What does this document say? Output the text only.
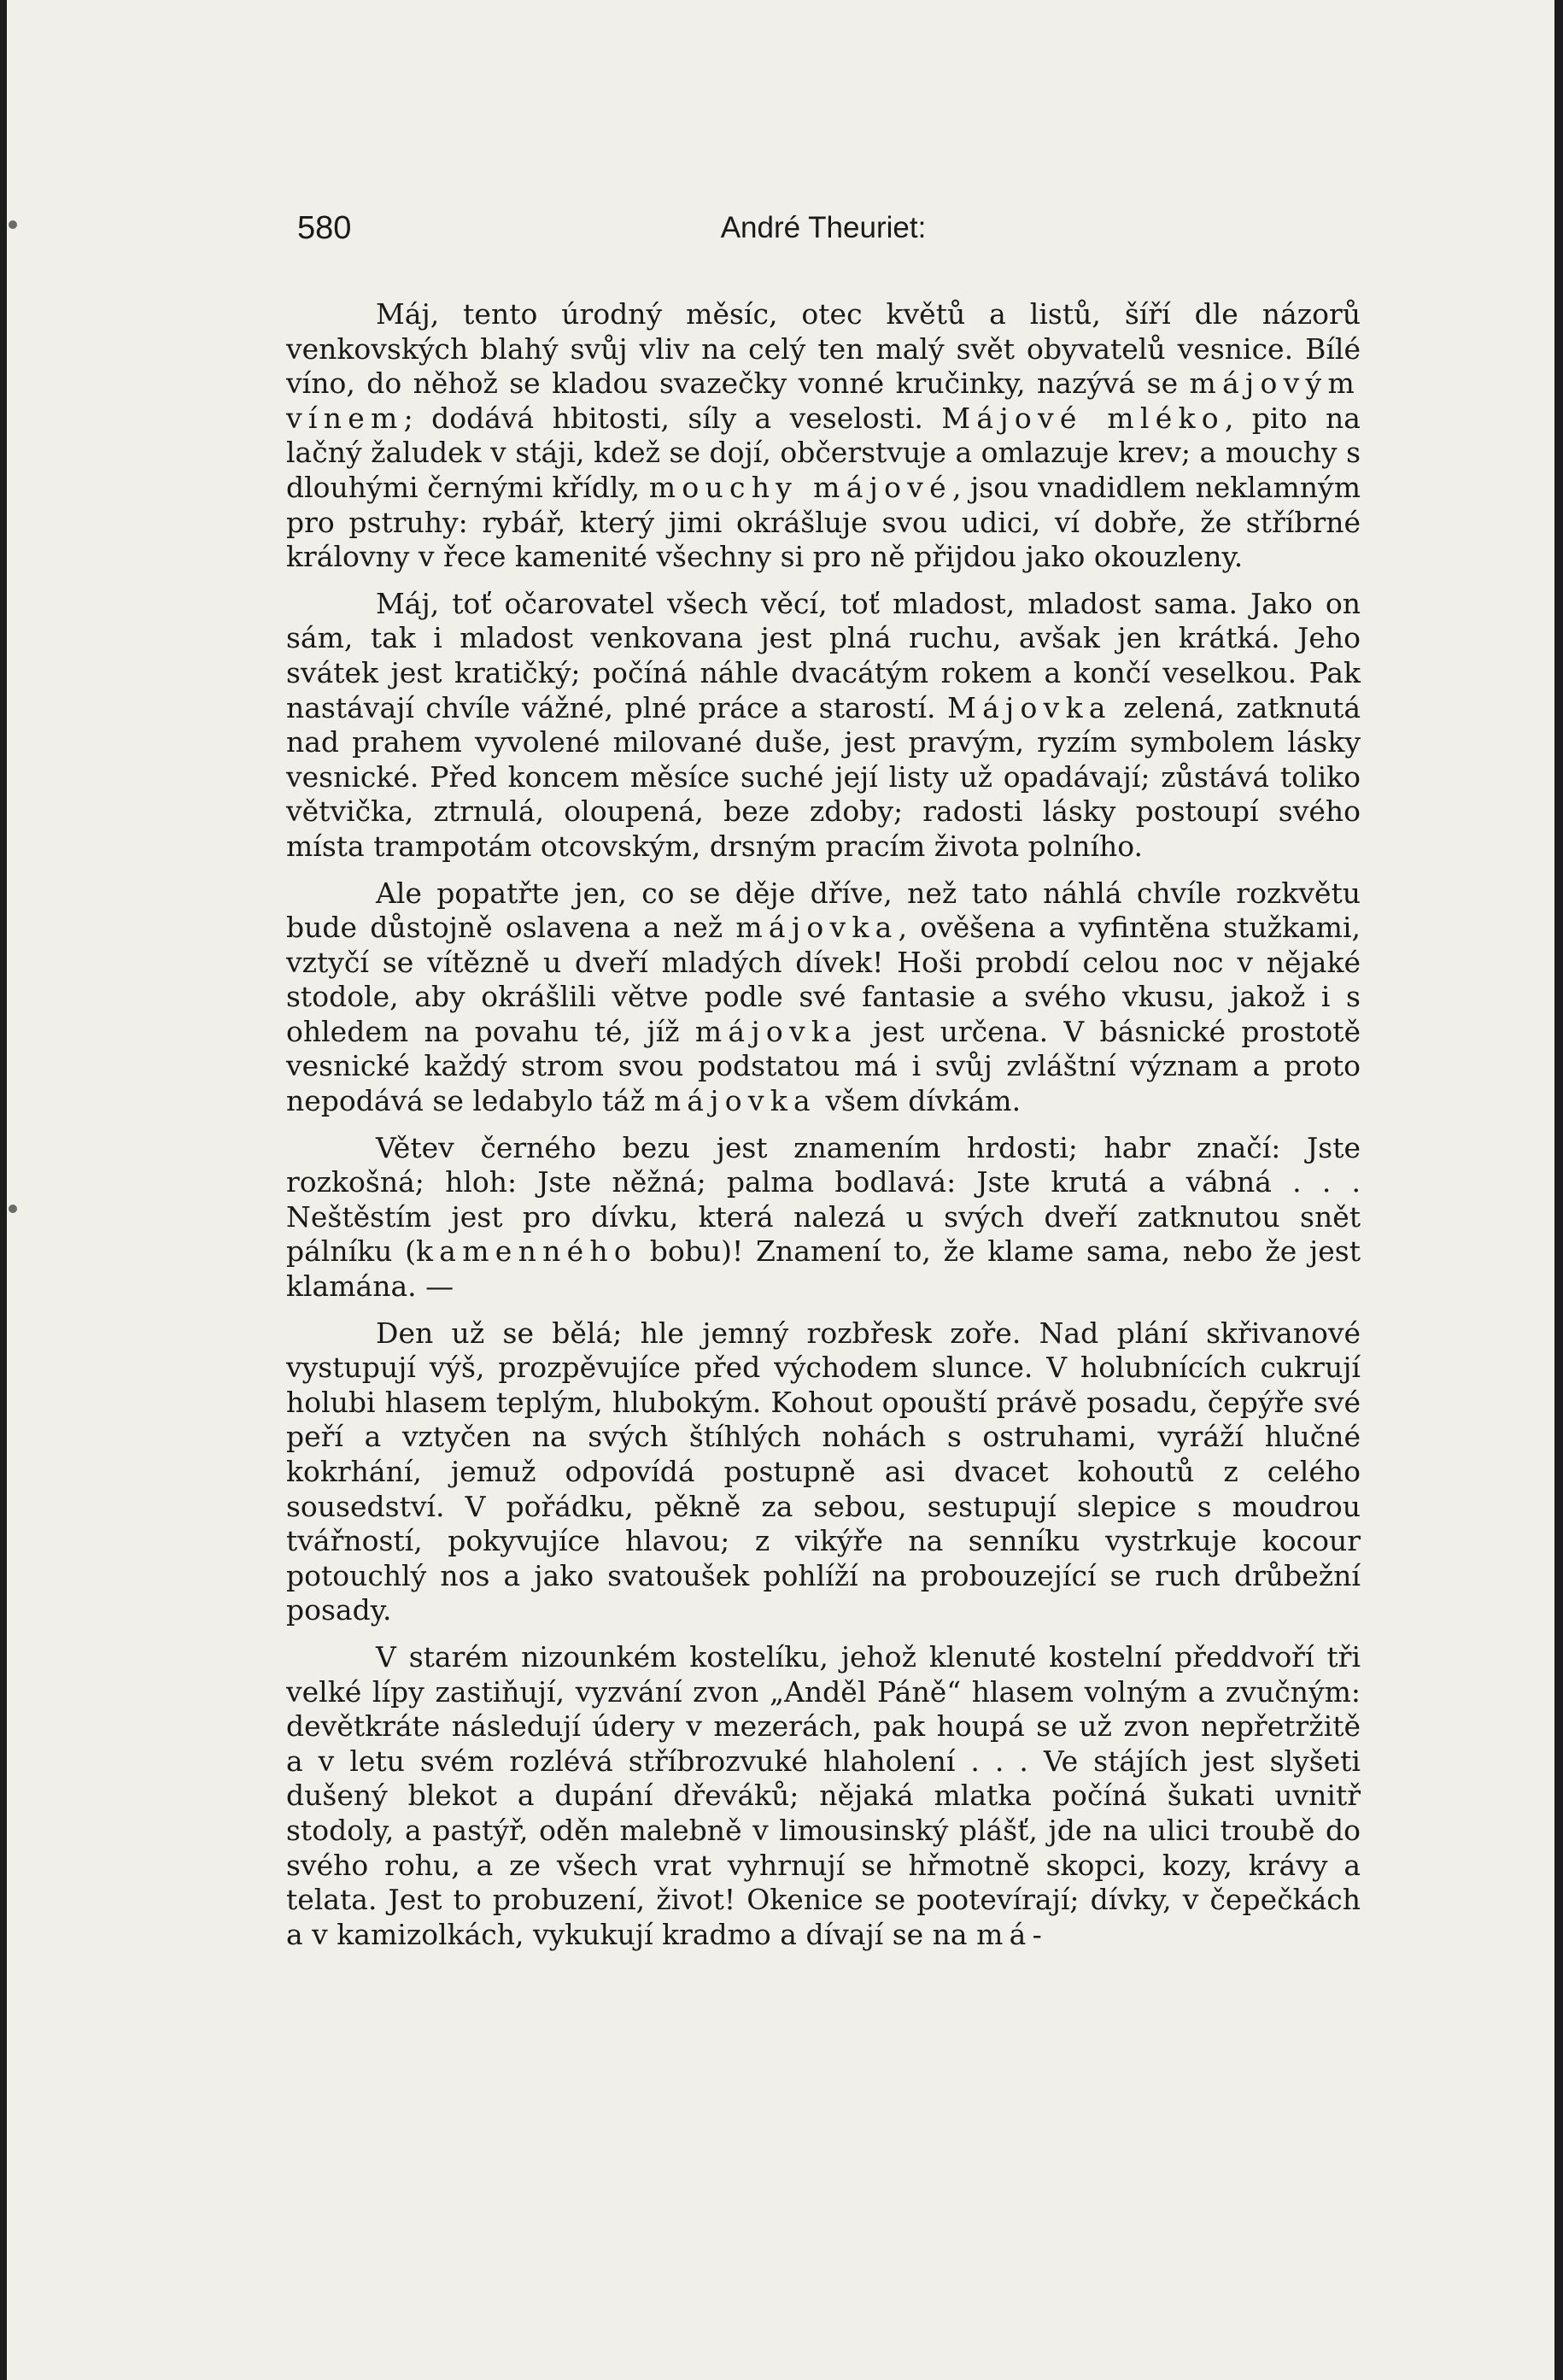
580	André Theuriet:

Máj, tento úrodný měsíc, otec květů a listů, šíří dle názorů venkovských blahý svůj vliv na celý ten malý svět obyvatelů vesnice. Bílé víno, do něhož se kladou svazečky vonné kručinky, nazývá se májovým vínem; dodává hbitosti, síly a veselosti. Májové mléko, pito na lačný žaludek v stáji, kdež se dojí, občerstvuje a omlazuje krev; a mouchy s dlouhými černými křídly, mouchy májové, jsou vnadidlem neklamným pro pstruhy: rybář, který jimi okrášluje svou udici, ví dobře, že stříbrné královny v řece kamenité všechny si pro ně přijdou jako okouzleny.

Máj, toť očarovatel všech věcí, toť mladost, mladost sama. Jako on sám, tak i mladost venkovana jest plná ruchu, avšak jen krátká. Jeho svátek jest kratičký; počíná náhle dvacátým rokem a končí veselkou. Pak nastávají chvíle vážné, plné práce a starostí. Májovka zelená, zatknutá nad prahem vyvolené milované duše, jest pravým, ryzím symbolem lásky vesnické. Před koncem měsíce suché její listy už opadávají; zůstává toliko větvička, ztrnulá, oloupená, beze zdoby; radosti lásky postoupí svého místa trampotám otcovským, drsným pracím života polního.

Ale popatřte jen, co se děje dříve, než tato náhlá chvíle rozkvětu bude důstojně oslavena a než májovka, ověšena a vyfintěna stužkami, vztyčí se vítězně u dveří mladých dívek! Hoši probdí celou noc v nějaké stodole, aby okrášlili větve podle své fantasie a svého vkusu, jakož i s ohledem na povahu té, jíž májovka jest určena. V básnické prostotě vesnické každý strom svou podstatou má i svůj zvláštní význam a proto nepodává se ledabylo táž májovka všem dívkám.

Větev černého bezu jest znamením hrdosti; habr značí: Jste rozkošná; hloh: Jste něžná; palma bodlavá: Jste krutá a vábná . . . Neštěstím jest pro dívku, která nalezá u svých dveří zatknutou snět pálníku (kamenného bobu)! Znamení to, že klame sama, nebo že jest klamána. —

Den už se bělá; hle jemný rozbřesk zoře. Nad plání skřivanové vystupují výš, prozpěvujíce před východem slunce. V holubnících cukrují holubi hlasem teplým, hlubokým. Kohout opouští právě posadu, čepýře své peří a vztyčen na svých štíhlých nohách s ostruhami, vyráží hlučné kokrhání, jemuž odpovídá postupně asi dvacet kohoutů z celého sousedství. V pořádku, pěkně za sebou, sestupují slepice s moudrou tvářností, pokyvujíce hlavou; z vikýře na senníku vystrkuje kocour potouchlý nos a jako svatoušek pohlíží na probouzející se ruch drůbežní posady.

V starém nizounkém kostelíku, jehož klenuté kostelní předdvoří tři velké lípy zastiňují, vyzvání zvon „Anděl Páně“ hlasem volným a zvučným: devětkráte následují údery v mezerách, pak houpá se už zvon nepřetržitě a v letu svém rozlévá stříbrozvuké hlaholení . . . Ve stájích jest slyšeti dušený blekot a dupání dřeváků; nějaká mlatka počíná šukati uvnitř stodoly, a pastýř, oděn malebně v limousinský plášť, jde na ulici troubě do svého rohu, a ze všech vrat vyhrnují se hřmotně skopci, kozy, krávy a telata. Jest to probuzení, život! Okenice se pootevírají; dívky, v čepečkách a v kamizolkách, vykukují kradmo a dívají se na má-
